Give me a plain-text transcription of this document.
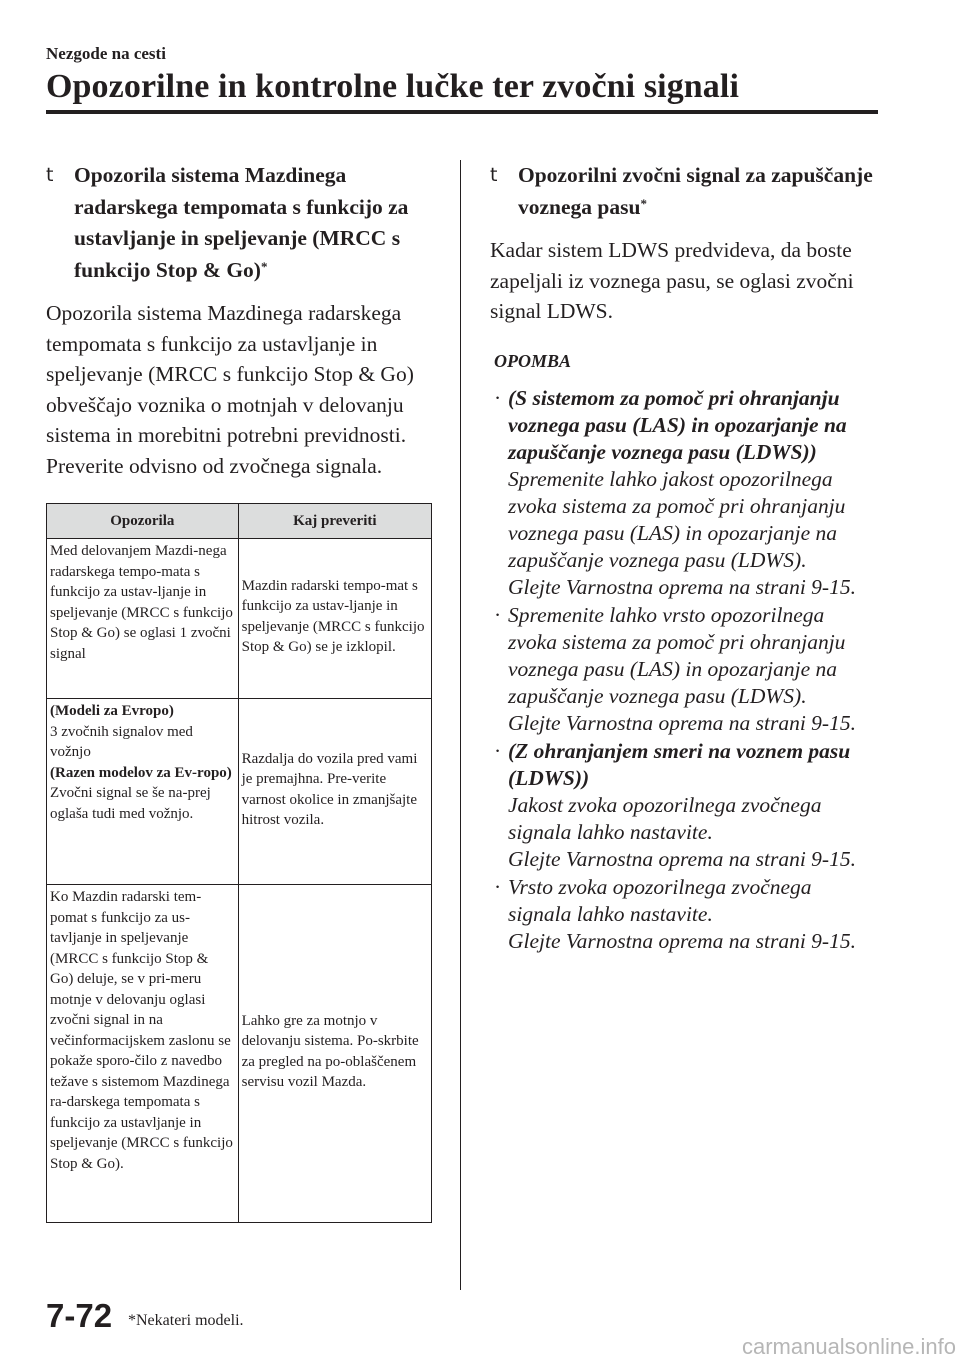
Nezgode na cesti
Opozorilne in kontrolne lučke ter zvočni signali
t Opozorila sistema Mazdinega radarskega tempomata s funkcijo za ustavljanje in speljevanje (MRCC s funkcijo Stop & Go)*
Opozorila sistema Mazdinega radarskega tempomata s funkcijo za ustavljanje in speljevanje (MRCC s funkcijo Stop & Go) obveščajo voznika o motnjah v delovanju sistema in morebitni potrebni previdnosti. Preverite odvisno od zvočnega signala.
Opozorila	Kaj preveriti
Med delovanjem Mazdi-nega radarskega tempo-mata s funkcijo za ustav-ljanje in speljevanje (MRCC s funkcijo Stop & Go) se oglasi 1 zvočni signal	Mazdin radarski tempo-mat s funkcijo za ustav-ljanje in speljevanje (MRCC s funkcijo Stop & Go) se je izklopil.

(Modeli za Evropo)
3 zvočnih signalov med vožnjo
(Razen modelov za Ev-ropo)
Zvočni signal se še na-prej oglaša tudi med vožnjo.	Razdalja do vozila pred vami je premajhna. Pre-verite varnost okolice in zmanjšajte hitrost vozila.
Ko Mazdin radarski tem-pomat s funkcijo za us-tavljanje in speljevanje (MRCC s funkcijo Stop & Go) deluje, se v pri-meru motnje v delovanju oglasi zvočni signal in na večinformacijskem zaslonu se pokaže sporo-čilo z navedbo težave s sistemom Mazdinega ra-darskega tempomata s funkcijo za ustavljanje in speljevanje (MRCC s funkcijo Stop & Go).	Lahko gre za motnjo v delovanju sistema. Po-skrbite za pregled na po-oblaščenem servisu vozil Mazda.
t Opozorilni zvočni signal za zapuščanje voznega pasu*
Kadar sistem LDWS predvideva, da boste zapeljali iz voznega pasu, se oglasi zvočni signal LDWS.
OPOMBA
· (S sistemom za pomoč pri ohranjanju voznega pasu (LAS) in opozarjanje na zapuščanje voznega pasu (LDWS))
Spremenite lahko jakost opozorilnega zvoka sistema za pomoč pri ohranjanju voznega pasu (LAS) in opozarjanje na zapuščanje voznega pasu (LDWS).
Glejte Varnostna oprema na strani 9-15.
· Spremenite lahko vrsto opozorilnega zvoka sistema za pomoč pri ohranjanju voznega pasu (LAS) in opozarjanje na zapuščanje voznega pasu (LDWS).
Glejte Varnostna oprema na strani 9-15.
· (Z ohranjanjem smeri na voznem pasu (LDWS))
Jakost zvoka opozorilnega zvočnega signala lahko nastavite.
Glejte Varnostna oprema na strani 9-15.
· Vrsto zvoka opozorilnega zvočnega signala lahko nastavite.
Glejte Varnostna oprema na strani 9-15.
7-72 *Nekateri modeli.
carmanualsonline.info
